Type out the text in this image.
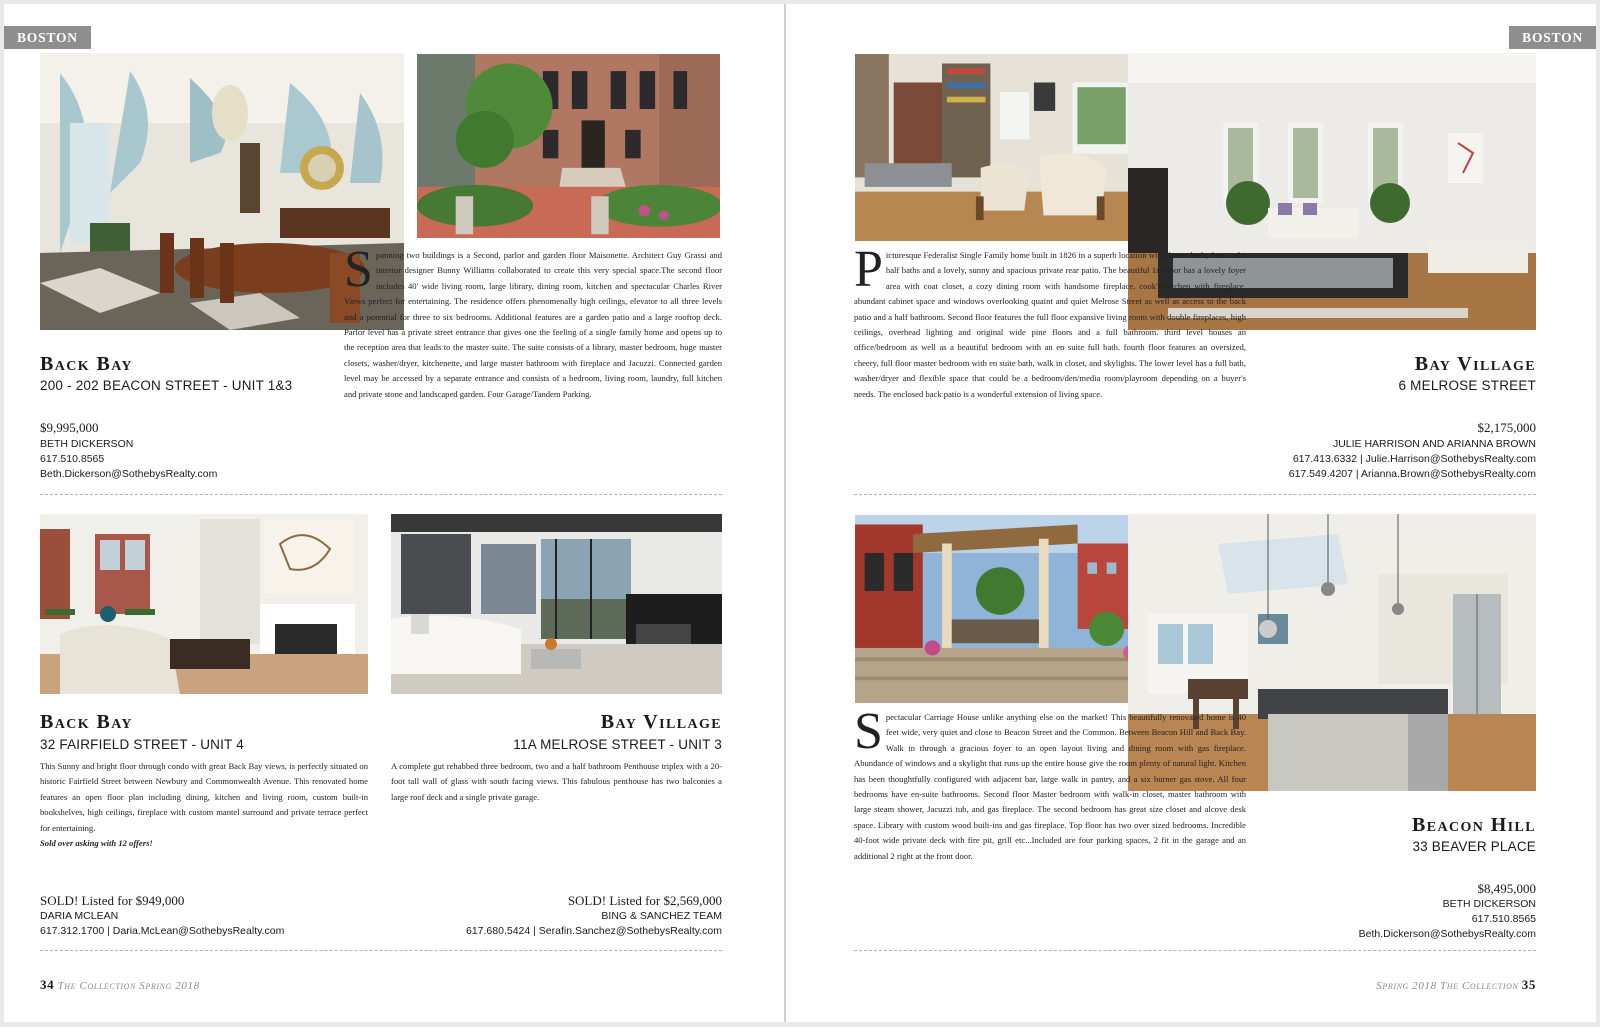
BOSTON

Spanning two buildings is a Second, parlor and garden floor Maisonette. Architect Guy Grassi and interior designer Bunny Williams collaborated to create this very special space.The second floor includes 40' wide living room, large library, dining room, kitchen and spectacular Charles River Views perfect for entertaining. The residence offers phenomenally high ceilings, elevator to all three levels and a potential for three to six bedrooms. Additional features are a garden patio and a large rooftop deck. Parlor level has a private street entrance that gives one the feeling of a single family home and opens up to the reception area that leads to the master suite. The suite consists of a library, master bedroom, huge master closets, washer/dryer, kitchenette, and large master bathroom with fireplace and Jacuzzi. Connected garden level may be accessed by a separate entrance and consists of a bedroom, living room, laundry, full kitchen and private stone and landscaped garden. Four Garage/Tandem Parking.

Back Bay
200 - 202 BEACON STREET - UNIT 1&3
$9,995,000
BETH DICKERSON
617.510.8565
Beth.Dickerson@SothebysRealty.com
Back Bay
32 FAIRFIELD STREET - UNIT 4

This Sunny and bright floor through condo with great Back Bay views, is perfectly situated on historic Fairfield Street between Newbury and Commonwealth Avenue. This renovated home features an open floor plan including dining, kitchen and living room, custom built-in bookshelves, high ceilings, fireplace with custom mantel surround and private terrace perfect for entertaining.
Sold over asking with 12 offers!

SOLD! Listed for $949,000
DARIA MCLEAN
617.312.1700 | Daria.McLean@SothebysRealty.com
Bay Village
11A MELROSE STREET - UNIT 3

A complete gut rehabbed three bedroom, two and a half bathroom Penthouse triplex with a 20-foot tall wall of glass with south facing views. This fabulous penthouse has two balconies a large roof deck and a single private garage.

SOLD! Listed for $2,569,000
BING & SANCHEZ TEAM
617.680.5424 | Serafin.Sanchez@SothebysRealty.com
34 The Collection Spring 2018
BOSTON

Picturesque Federalist Single Family home built in 1826 in a superb location with three+ beds, four and a half baths and a lovely, sunny and spacious private rear patio. The beautiful 1st floor has a lovely foyer area with coat closet, a cozy dining room with handsome fireplace, cook's kitchen with fireplace, abundant cabinet space and windows overlooking quaint and quiet Melrose Street as well as access to the back patio and a half bathroom. Second floor features the full floor expansive living room with double fireplaces, high ceilings, overhead lighting and original wide pine floors and a full bathroom. third level houses an office/bedroom as well as a beautiful bedroom with an en suite full bath. fourth floor features an oversized, cheery, full floor master bedroom with en suite bath, walk in closet, and skylights. The lower level has a full bath, washer/dryer and flexible space that could be a bedroom/den/media room/playroom depending on a buyer's needs. The enclosed back patio is a wonderful extension of living space.

Bay Village
6 MELROSE STREET
$2,175,000
JULIE HARRISON AND ARIANNA BROWN
617.413.6332 | Julie.Harrison@SothebysRealty.com
617.549.4207 | Arianna.Brown@SothebysRealty.com

Spectacular Carriage House unlike anything else on the market! This beautifully renovated home is 40 feet wide, very quiet and close to Beacon Street and the Common. Between Beacon Hill and Back Bay. Walk in through a gracious foyer to an open layout living and dining room with gas fireplace. Abundance of windows and a skylight that runs up the entire house give the room plenty of natural light. Kitchen has been thoughtfully configured with adjacent bar, large walk in pantry, and a six burner gas stove. All four bedrooms have en-suite bathrooms. Second floor Master bedroom with walk-in closet, master bathroom with large steam shower, Jacuzzi tub, and gas fireplace. The second bedroom has great size closet and alcove desk space. Library with custom wood built-ins and gas fireplace. Top floor has two over sized bedrooms. Incredible 40-foot wide private deck with fire pit, grill etc...Included are four parking spaces, 2 fit in the garage and an additional 2 right at the front door.

Beacon Hill
33 BEAVER PLACE
$8,495,000
BETH DICKERSON
617.510.8565
Beth.Dickerson@SothebysRealty.com
Spring 2018 The Collection 35
